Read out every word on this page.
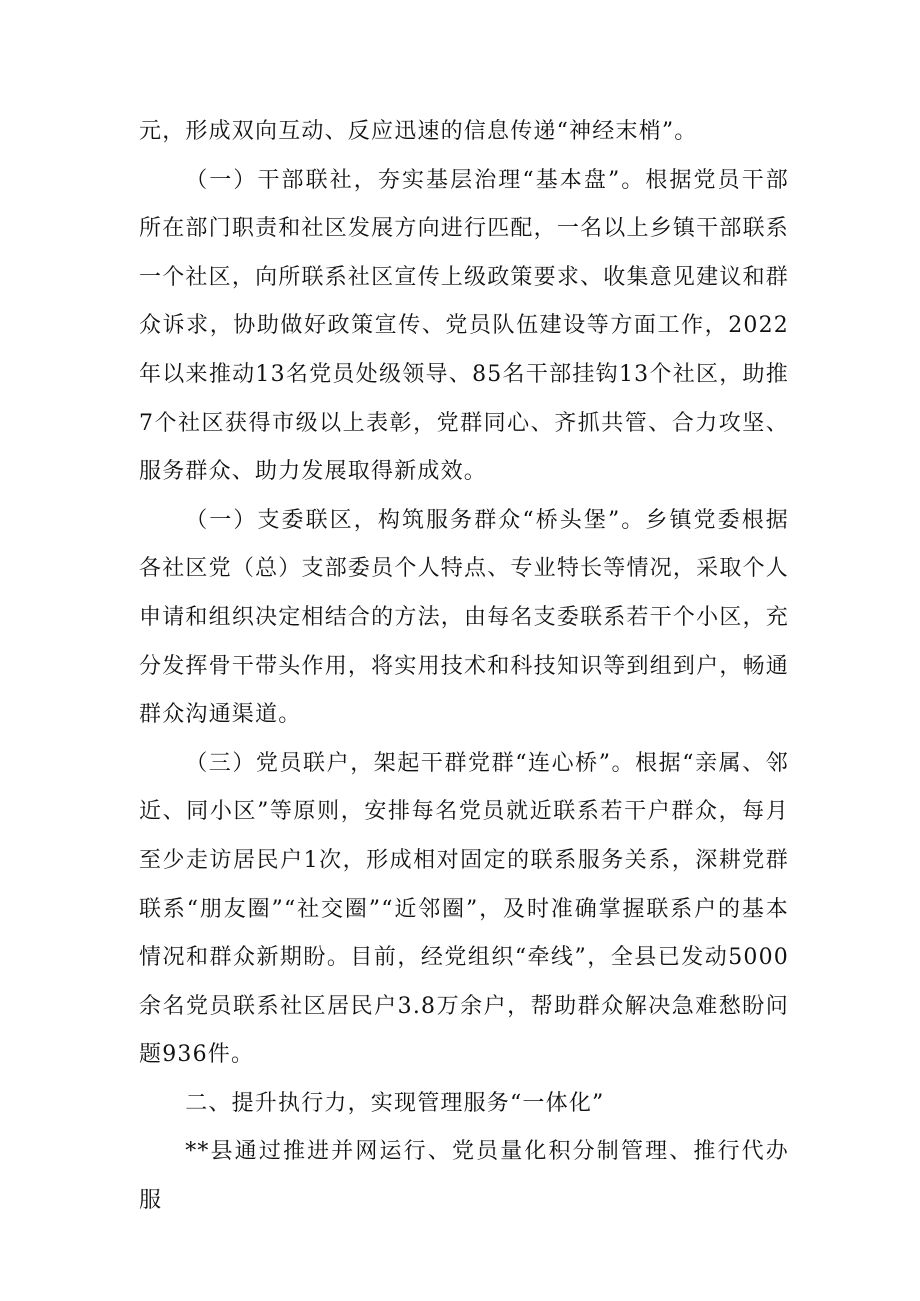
元，形成双向互动、反应迅速的信息传递“神经末梢”。

（一）干部联社，夯实基层治理“基本盘”。根据党员干部所在部门职责和社区发展方向进行匹配，一名以上乡镇干部联系一个社区，向所联系社区宣传上级政策要求、收集意见建议和群众诉求，协助做好政策宣传、党员队伍建设等方面工作，2022年以来推动13名党员处级领导、85名干部挂钩13个社区，助推7个社区获得市级以上表彰，党群同心、齐抓共管、合力攻坚、服务群众、助力发展取得新成效。

（一）支委联区，构筑服务群众“桥头堡”。乡镇党委根据各社区党（总）支部委员个人特点、专业特长等情况，采取个人申请和组织决定相结合的方法，由每名支委联系若干个小区，充分发挥骨干带头作用，将实用技术和科技知识等到组到户，畅通群众沟通渠道。

（三）党员联户，架起干群党群“连心桥”。根据“亲属、邻近、同小区”等原则，安排每名党员就近联系若干户群众，每月至少走访居民户1次，形成相对固定的联系服务关系，深耕党群联系“朋友圈”“社交圈”“近邻圈”，及时准确掌握联系户的基本情况和群众新期盼。目前，经党组织“牵线”，全县已发动5000余名党员联系社区居民户3.8万余户，帮助群众解决急难愁盼问题936件。

二、提升执行力，实现管理服务“一体化”

**县通过推进并网运行、党员量化积分制管理、推行代办服
